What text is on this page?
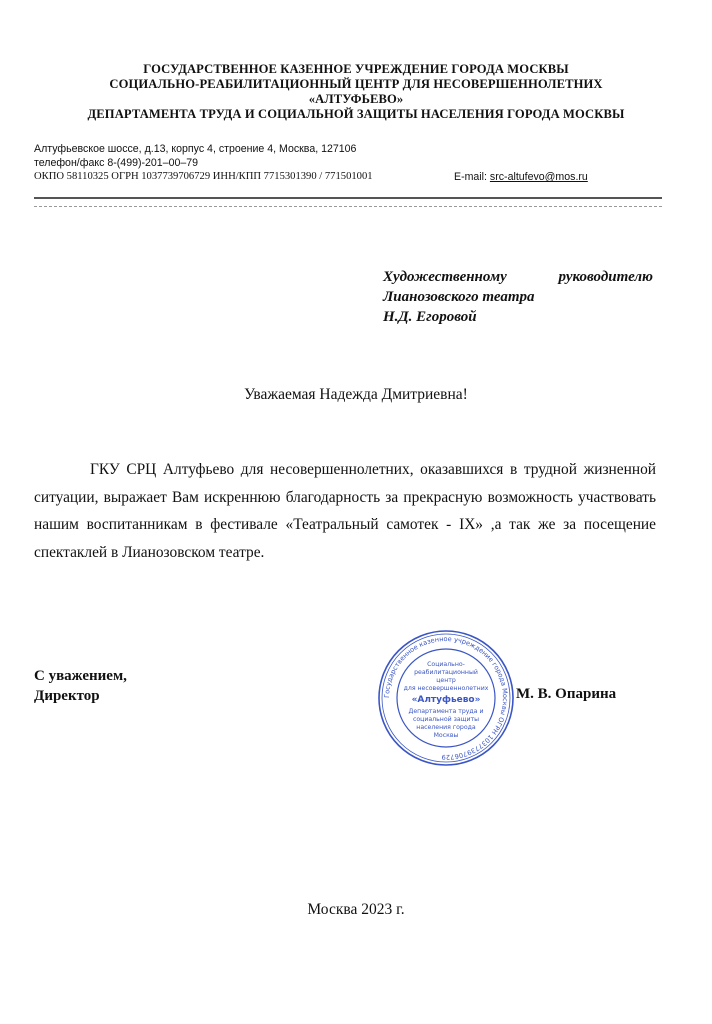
ГОСУДАРСТВЕННОЕ КАЗЕННОЕ УЧРЕЖДЕНИЕ ГОРОДА МОСКВЫ
СОЦИАЛЬНО-РЕАБИЛИТАЦИОННЫЙ ЦЕНТР ДЛЯ НЕСОВЕРШЕННОЛЕТНИХ
«АЛТУФЬЕВО»
ДЕПАРТАМЕНТА ТРУДА И СОЦИАЛЬНОЙ ЗАЩИТЫ НАСЕЛЕНИЯ ГОРОДА МОСКВЫ
Алтуфьевское шоссе, д.13, корпус 4, строение 4, Москва, 127106
телефон/факс 8-(499)-201–00–79
ОКПО 58110325 ОГРН 1037739706729 ИНН/КПП 7715301390 / 771501001	E-mail: src-altufevo@mos.ru
Художественному	руководителю
Лианозовского театра
Н.Д. Егоровой
Уважаемая Надежда Дмитриевна!
ГКУ СРЦ Алтуфьево для несовершеннолетних, оказавшихся в трудной жизненной ситуации, выражает Вам искреннюю благодарность за прекрасную возможность участвовать нашим воспитанникам в фестивале «Театральный самотек - IX» ,а так же за посещение спектаклей в Лианозовском театре.
С уважением,
Директор	Государственное казенное учреждение города Москвы ОГРН 1037739706729
Социально-
реабилитационный
центр
для несовершеннолетних
«Алтуфьево»
Департамента труда и
социальной защиты
населения города
Москвы
М. В. Опарина
Москва 2023 г.
